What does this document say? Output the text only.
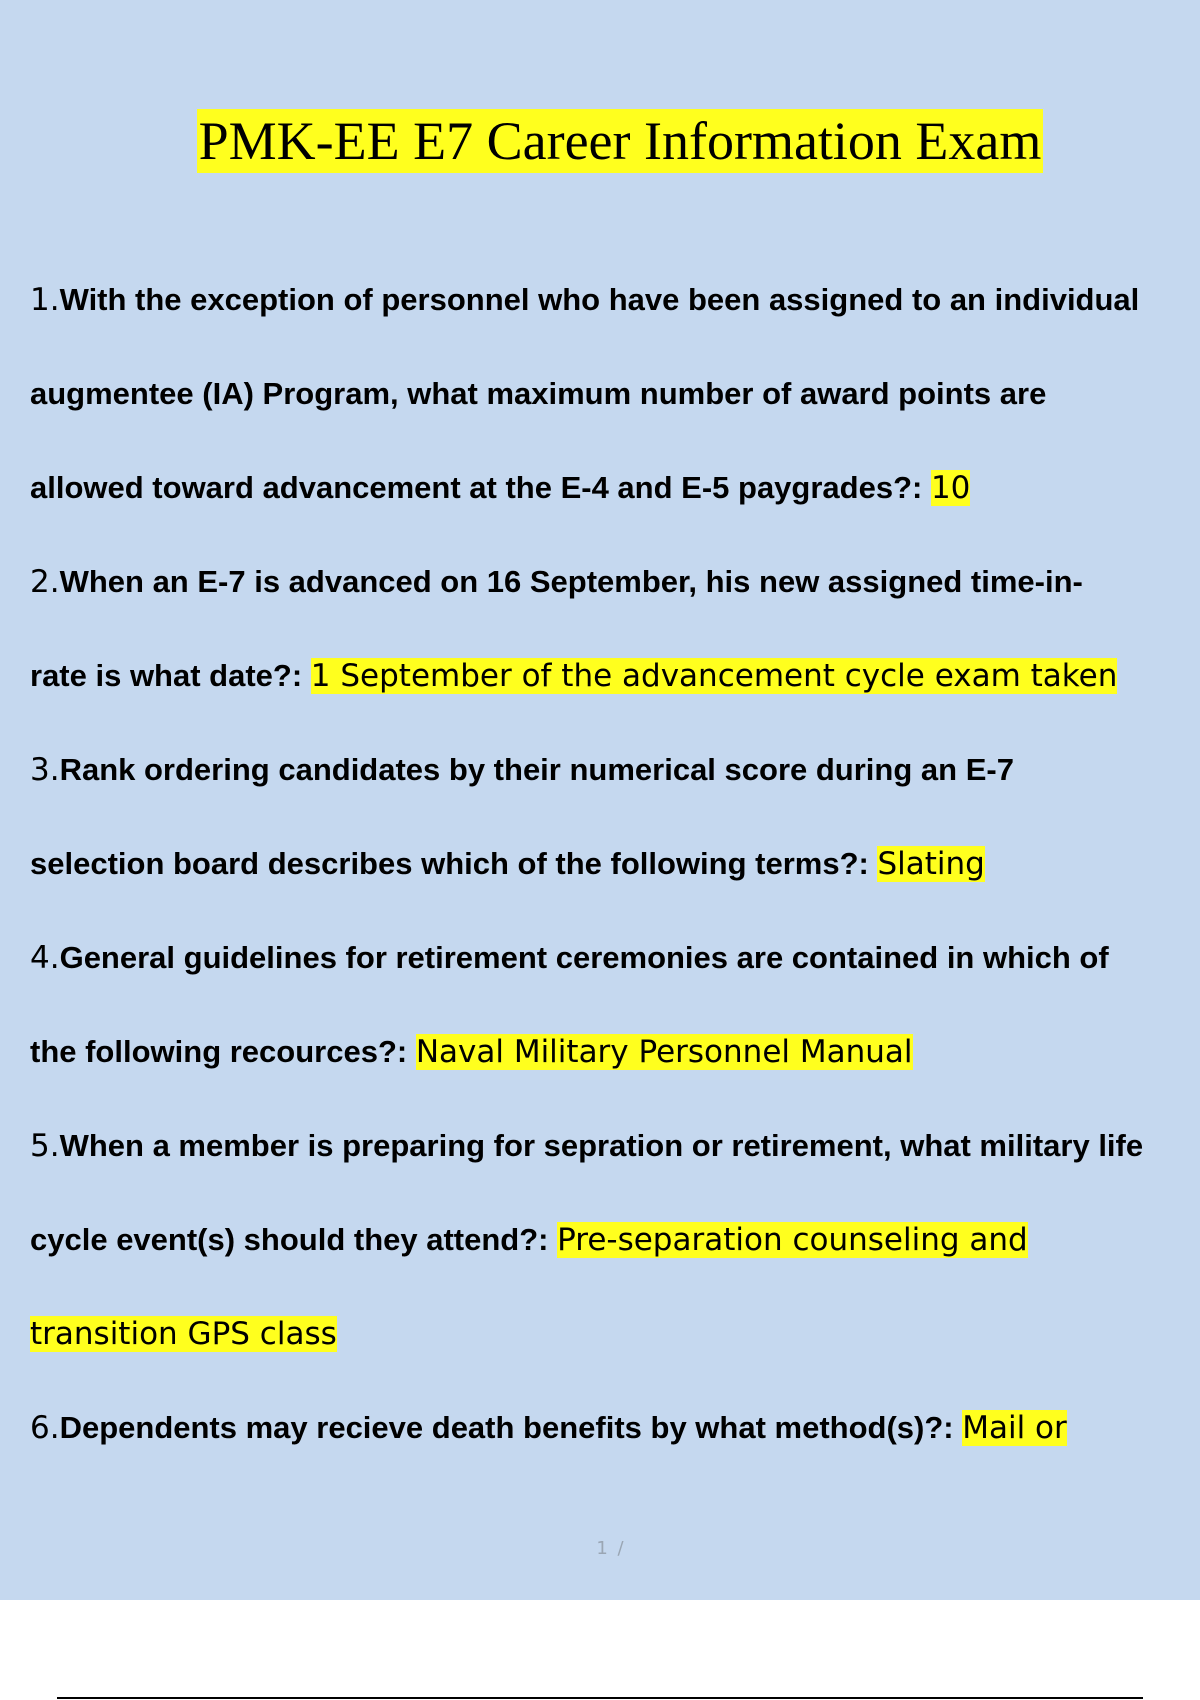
PMK-EE E7 Career Information Exam
1.With the exception of personnel who have been assigned to an individual
augmentee (IA) Program, what maximum number of award points are
allowed toward advancement at the E-4 and E-5 paygrades?: 10
2.When an E-7 is advanced on 16 September, his new assigned time-in-
rate is what date?: 1 September of the advancement cycle exam taken
3.Rank ordering candidates by their numerical score during an E-7
selection board describes which of the following terms?: Slating
4.General guidelines for retirement ceremonies are contained in which of
the following recources?: Naval Military Personnel Manual
5.When a member is preparing for sepration or retirement, what military life
cycle event(s) should they attend?: Pre-separation counseling and
transition GPS class
6.Dependents may recieve death benefits by what method(s)?: Mail or
1 /
